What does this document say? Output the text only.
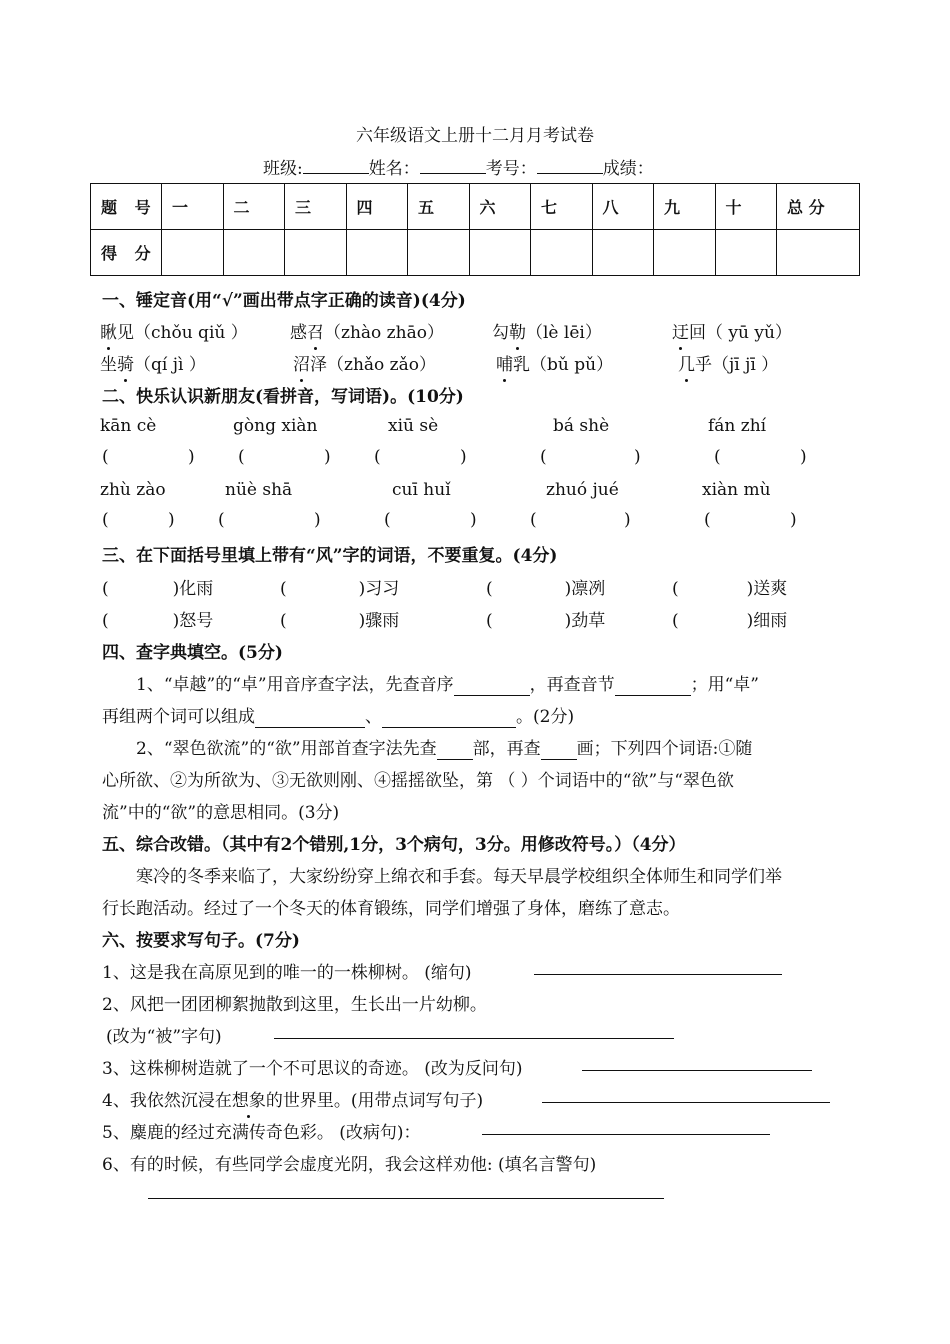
六年级语文上册十二月月考试卷
班级:	姓名：	考号：	成绩：
题 号	一	二	三	四	五	六	七	八	九	十	总 分
得 分											
一、锤定音(用“√”画出带点字正确的读音)(4分)
瞅见（chǒu qiǔ ） 感召（zhào zhāo）	勾勒（lè lēi）	迂回（ yū yǔ）
坐骑（qí jì ）	沼泽（zhǎo zǎo）	哺乳（bǔ pǔ）	几乎（jī jī ）
二、快乐认识新朋友(看拼音，写词语)。(10分)
kān cè	gòng xiàn	xiū sè	bá shè	fán zhí
(	)	(	)	(	)	(	)	(	)
zhù zào	nüè shā	cuī huǐ	zhuó jué	xiàn mù
(	)	(	)	(	)	(	)	(	)
三、在下面括号里填上带有“风”字的词语，不要重复。(4分)
(	)化雨	(	)习习	(	)凛冽	(	)送爽
(	)怒号	(	)骤雨	(	)劲草	(	)细雨
四、查字典填空。(5分)
1、“卓越”的“卓”用音序查字法，先查音序	，再查音节	；用“卓”
再组两个词可以组成	、	。(2分)
2、“翠色欲流”的“欲”用部首查字法先查 部，再查 画；下列四个词语:①随
心所欲、②为所欲为、③无欲则刚、④摇摇欲坠，第 （ ）个词语中的“欲”与“翠色欲
流”中的“欲”的意思相同。(3分)
五、综合改错。（其中有2个错别,1分，3个病句，3分。用修改符号。）（4分）
寒冷的冬季来临了，大家纷纷穿上绵衣和手套。每天早晨学校组织全体师生和同学们举
行长跑活动。经过了一个冬天的体育锻练，同学们增强了身体，磨练了意志。
六、按要求写句子。(7分)
1、这是我在高原见到的唯一的一株柳树。 (缩句)
2、风把一团团柳絮抛散到这里，生长出一片幼柳。
(改为“被”字句)
3、这株柳树造就了一个不可思议的奇迹。 (改为反问句)
4、我依然沉浸在想象的世界里。(用带点词写句子)
5、麋鹿的经过充满传奇色彩。 (改病句)：
6、有的时候，有些同学会虚度光阴，我会这样劝他: (填名言警句)
